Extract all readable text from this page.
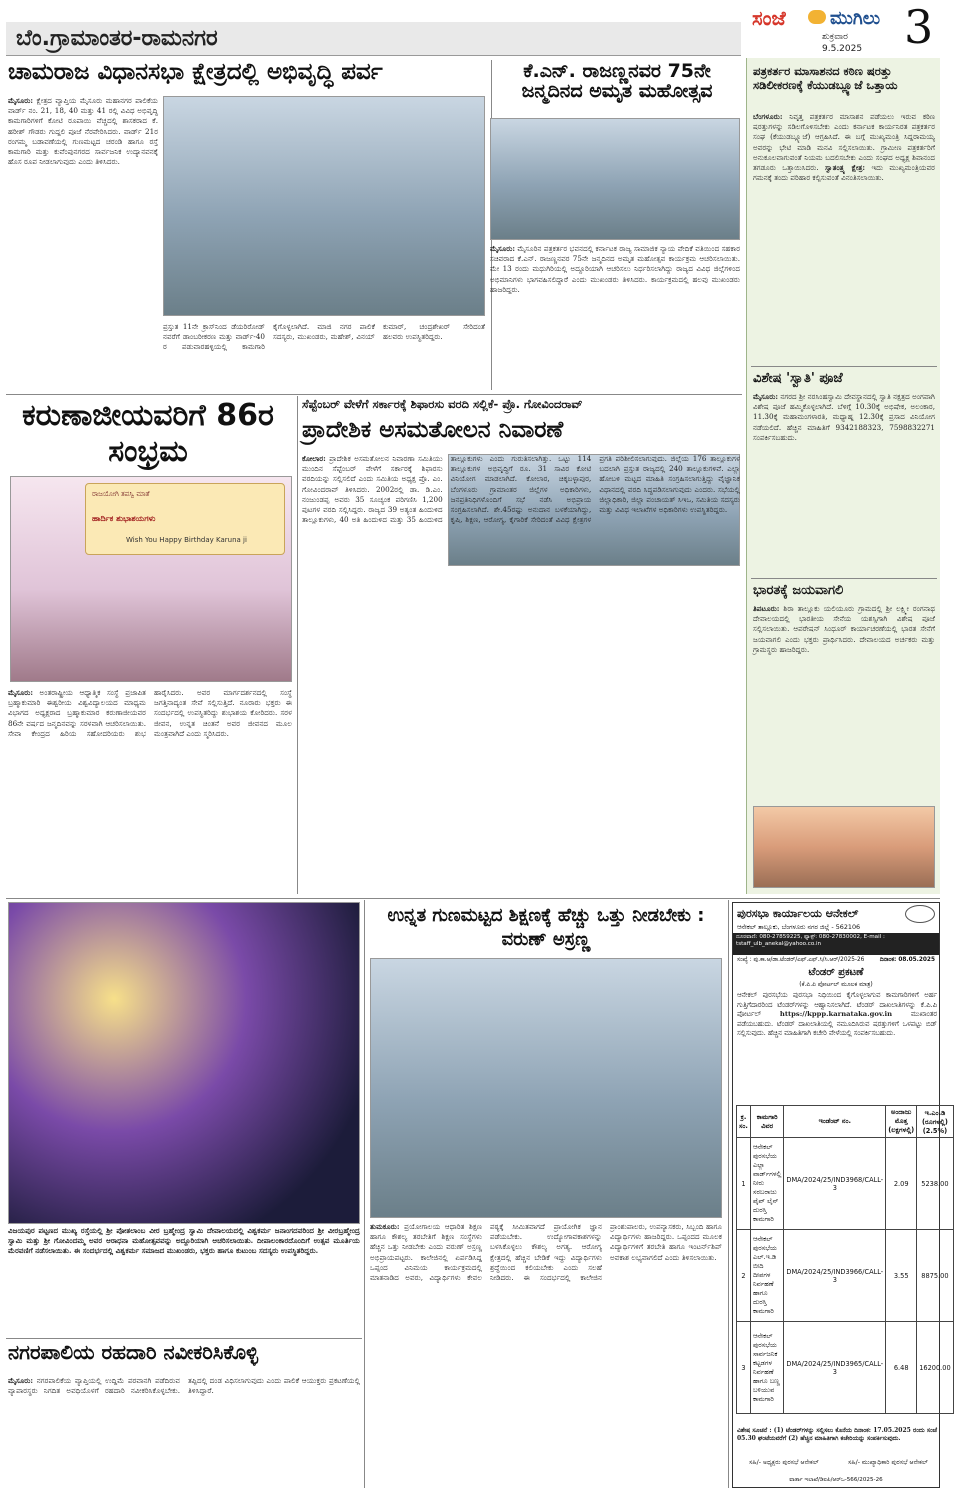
ಬೆಂ.ಗ್ರಾಮಾಂತರ-ರಾಮನಗರ
ಸಂಜೆ ಮುಗಿಲು
ಶುಕ್ರವಾರ
9.5.2025 3
ಚಾಮರಾಜ ವಿಧಾನಸಭಾ ಕ್ಷೇತ್ರದಲ್ಲಿ ಅಭಿವೃದ್ಧಿ ಪರ್ವ
ಮೈಸೂರು: ಕ್ಷೇತ್ರದ ವ್ಯಾಪ್ತಿಯ ಮೈಸೂರು ಮಹಾನಗರ ಪಾಲಿಕೆಯ ವಾರ್ಡ್ ನಂ. 21, 18, 40 ಮತ್ತು 41 ರಲ್ಲಿ ವಿವಿಧ ಅಭಿವೃದ್ಧಿ ಕಾಮಗಾರಿಗಳಿಗೆ ಕೋಟಿ ರೂಪಾಯಿ ವೆಚ್ಚದಲ್ಲಿ ಶಾಸಕರಾದ ಕೆ. ಹರೀಶ್ ಗೌಡರು ಗುದ್ದಲಿ ಪೂಜೆ ನೆರವೇರಿಸಿದರು. ವಾರ್ಡ್ 21ರ ರಂಗಮ್ಮ ಬಡಾವಣೆಯಲ್ಲಿ ಗುಣಮಟ್ಟದ ಚರಂಡಿ ಹಾಗೂ ರಸ್ತೆ ಕಾಮಗಾರಿ ಮತ್ತು ಕುವೆಂಪುನಗರದ ಸಾರ್ವಜನಿಕ ಉದ್ಯಾನವನಕ್ಕೆ ಹೊಸ ರೂಪ ನೀಡಲಾಗುವುದು ಎಂದು ತಿಳಿಸಿದರು.
ಪ್ರಸ್ತುತ 11ನೇ ಕ್ರಾಸ್‌ನಿಂದ ಡೆಯರಿರೋಡ್ ನವರೆಗೆ ಡಾಂಬರೀಕರಣ ಮತ್ತು ವಾರ್ಡ್-40 ರ ಪಡುವಾರಹಳ್ಳಿಯಲ್ಲಿ ಕಾಮಗಾರಿ ಕೈಗೊಳ್ಳಲಾಗಿದೆ. ಮಾಜಿ ನಗರ ಪಾಲಿಕೆ ಸದಸ್ಯರು, ಮುಖಂಡರು, ಮಹೇಶ್, ವಿನಯ್ ಕುಮಾರ್, ಚಂದ್ರಶೇಖರ್ ಸೇರಿದಂತೆ ಹಲವರು ಉಪಸ್ಥಿತರಿದ್ದರು.
ಕೆ.ಎನ್. ರಾಜಣ್ಣನವರ 75ನೇ ಜನ್ಮದಿನದ ಅಮೃತ ಮಹೋತ್ಸವ
ಮೈಸೂರು: ಮೈಸೂರಿನ ಪತ್ರಕರ್ತರ ಭವನದಲ್ಲಿ ಕರ್ನಾಟಕ ರಾಜ್ಯ ಸಾಮಾಜಿಕ ನ್ಯಾಯ ವೇದಿಕೆ ವತಿಯಿಂದ ಸಹಕಾರ ಸಚಿವರಾದ ಕೆ.ಎನ್. ರಾಜಣ್ಣನವರ 75ನೇ ಜನ್ಮದಿನದ ಅಮೃತ ಮಹೋತ್ಸವ ಕಾರ್ಯಕ್ರಮ ಆಚರಿಸಲಾಯಿತು. ಮೇ 13 ರಂದು ಮಧುಗಿರಿಯಲ್ಲಿ ಅದ್ದೂರಿಯಾಗಿ ಆಚರಿಸಲು ನಿರ್ಧರಿಸಲಾಗಿದ್ದು ರಾಜ್ಯದ ವಿವಿಧ ಜಿಲ್ಲೆಗಳಿಂದ ಅಭಿಮಾನಿಗಳು ಭಾಗವಹಿಸಲಿದ್ದಾರೆ ಎಂದು ಮುಖಂಡರು ತಿಳಿಸಿದರು. ಕಾರ್ಯಕ್ರಮದಲ್ಲಿ ಹಲವು ಮುಖಂಡರು ಹಾಜರಿದ್ದರು.
ಪತ್ರಕರ್ತರ ಮಾಸಾಶನದ ಕಠಿಣ ಷರತ್ತು ಸಡಿಲೀಕರಣಕ್ಕೆ ಕೆಯುಡಬ್ಲ್ಯೂಜೆ ಒತ್ತಾಯ
ಬೆಂಗಳೂರು: ನಿವೃತ್ತ ಪತ್ರಕರ್ತರ ಮಾಸಾಶನ ಪಡೆಯಲು ಇರುವ ಕಠಿಣ ಷರತ್ತುಗಳನ್ನು ಸಡಿಲಗೊಳಿಸಬೇಕು ಎಂದು ಕರ್ನಾಟಕ ಕಾರ್ಯನಿರತ ಪತ್ರಕರ್ತರ ಸಂಘ (ಕೆಯುಡಬ್ಲ್ಯೂಜೆ) ಆಗ್ರಹಿಸಿದೆ. ಈ ಬಗ್ಗೆ ಮುಖ್ಯಮಂತ್ರಿ ಸಿದ್ದರಾಮಯ್ಯ ಅವರನ್ನು ಭೇಟಿ ಮಾಡಿ ಮನವಿ ಸಲ್ಲಿಸಲಾಯಿತು. ಗ್ರಾಮೀಣ ಪತ್ರಕರ್ತರಿಗೆ ಅನುಕೂಲವಾಗುವಂತೆ ನಿಯಮ ಬದಲಿಸಬೇಕು ಎಂದು ಸಂಘದ ಅಧ್ಯಕ್ಷ ಶಿವಾನಂದ ತಗಡೂರು ಒತ್ತಾಯಿಸಿದರು. ಸ್ವಾತಂತ್ರ್ಯ ಕ್ಷೇತ್ರ: ಇದು ಮುಖ್ಯಮಂತ್ರಿಯವರ ಗಮನಕ್ಕೆ ತಂದು ಪರಿಹಾರ ಕಲ್ಪಿಸುವಂತೆ ವಿನಂತಿಸಲಾಯಿತು.
ವಿಶೇಷ 'ಸ್ವಾತಿ' ಪೂಜೆ
ಮೈಸೂರು: ನಗರದ ಶ್ರೀ ನರಸಿಂಹಸ್ವಾಮಿ ದೇವಸ್ಥಾನದಲ್ಲಿ ಸ್ವಾತಿ ನಕ್ಷತ್ರದ ಅಂಗವಾಗಿ ವಿಶೇಷ ಪೂಜೆ ಹಮ್ಮಿಕೊಳ್ಳಲಾಗಿದೆ. ಬೆಳಿಗ್ಗೆ 10.30ಕ್ಕೆ ಅಭಿಷೇಕ, ಅಲಂಕಾರ, 11.30ಕ್ಕೆ ಮಹಾಮಂಗಳಾರತಿ, ಮಧ್ಯಾಹ್ನ 12.30ಕ್ಕೆ ಪ್ರಸಾದ ವಿನಿಯೋಗ ನಡೆಯಲಿದೆ. ಹೆಚ್ಚಿನ ಮಾಹಿತಿಗೆ 9342188323, 7598832271 ಸಂಪರ್ಕಿಸಬಹುದು.
ಭಾರತಕ್ಕೆ ಜಯವಾಗಲಿ
ತಿಪಟೂರು: ಶಿರಾ ತಾಲ್ಲೂಕು ಯಲಿಯೂರು ಗ್ರಾಮದಲ್ಲಿ ಶ್ರೀ ಲಕ್ಷ್ಮೀ ರಂಗನಾಥ ದೇವಾಲಯದಲ್ಲಿ ಭಾರತೀಯ ಸೇನೆಯ ಯಶಸ್ಸಿಗಾಗಿ ವಿಶೇಷ ಪೂಜೆ ಸಲ್ಲಿಸಲಾಯಿತು. ಆಪರೇಷನ್ ಸಿಂಧೂರ್ ಕಾರ್ಯಾಚರಣೆಯಲ್ಲಿ ಭಾರತ ಸೇನೆಗೆ ಜಯವಾಗಲಿ ಎಂದು ಭಕ್ತರು ಪ್ರಾರ್ಥಿಸಿದರು. ದೇವಾಲಯದ ಅರ್ಚಕರು ಮತ್ತು ಗ್ರಾಮಸ್ಥರು ಹಾಜರಿದ್ದರು.
ಕರುಣಾಜೀಯವರಿಗೆ 86ರ ಸಂಭ್ರಮ
ರಾಜಯೋಗಿ ತಪಸ್ವಿ ಮಾತೆ
ಹಾರ್ದಿಕ ಶುಭಾಶಯಗಳು
Wish You Happy Birthday Karuna ji
ಮೈಸೂರು: ಅಂತರಾಷ್ಟ್ರೀಯ ಆಧ್ಯಾತ್ಮಿಕ ಸಂಸ್ಥೆ ಪ್ರಜಾಪಿತ ಬ್ರಹ್ಮಾಕುಮಾರಿ ಈಶ್ವರೀಯ ವಿಶ್ವವಿದ್ಯಾಲಯದ ಮಾಧ್ಯಮ ವಿಭಾಗದ ಅಧ್ಯಕ್ಷರಾದ ಬ್ರಹ್ಮಾಕುಮಾರ ಕರುಣಾಜೀಯವರ 86ನೇ ವರ್ಷದ ಜನ್ಮದಿನವನ್ನು ಸರಳವಾಗಿ ಆಚರಿಸಲಾಯಿತು. ಸೇವಾ ಕೇಂದ್ರದ ಹಿರಿಯ ಸಹೋದರಿಯರು ಶುಭ ಹಾರೈಸಿದರು. ಅವರ ಮಾರ್ಗದರ್ಶನದಲ್ಲಿ ಸಂಸ್ಥೆ ಜಗತ್ತಿನಾದ್ಯಂತ ಸೇವೆ ಸಲ್ಲಿಸುತ್ತಿದೆ. ನೂರಾರು ಭಕ್ತರು ಈ ಸಂದರ್ಭದಲ್ಲಿ ಉಪಸ್ಥಿತರಿದ್ದು ಶುಭಾಶಯ ಕೋರಿದರು. ಸರಳ ಜೀವನ, ಉನ್ನತ ಚಿಂತನೆ ಅವರ ಜೀವನದ ಮೂಲ ಮಂತ್ರವಾಗಿದೆ ಎಂದು ಸ್ಮರಿಸಿದರು.
ಸೆಪ್ಟೆಂಬರ್ ವೇಳೆಗೆ ಸರ್ಕಾರಕ್ಕೆ ಶಿಫಾರಸು ವರದಿ ಸಲ್ಲಿಕೆ- ಪ್ರೊ. ಗೋವಿಂದರಾವ್
ಪ್ರಾದೇಶಿಕ ಅಸಮತೋಲನ ನಿವಾರಣೆ
ಕೋಲಾರ: ಪ್ರಾದೇಶಿಕ ಅಸಮತೋಲನ ನಿವಾರಣಾ ಸಮಿತಿಯು ಮುಂದಿನ ಸೆಪ್ಟೆಂಬರ್ ವೇಳೆಗೆ ಸರ್ಕಾರಕ್ಕೆ ಶಿಫಾರಸು ವರದಿಯನ್ನು ಸಲ್ಲಿಸಲಿದೆ ಎಂದು ಸಮಿತಿಯ ಅಧ್ಯಕ್ಷ ಪ್ರೊ. ಎಂ. ಗೋವಿಂದರಾವ್ ತಿಳಿಸಿದರು. 2002ರಲ್ಲಿ ಡಾ. ಡಿ.ಎಂ. ನಂಜುಂಡಪ್ಪ ಅವರು 35 ಸೂಚ್ಯಂಕ ಪರಿಗಣಿಸಿ 1,200 ಪುಟಗಳ ವರದಿ ಸಲ್ಲಿಸಿದ್ದರು. ರಾಜ್ಯದ 39 ಅತ್ಯಂತ ಹಿಂದುಳಿದ ತಾಲ್ಲೂಕುಗಳು, 40 ಅತಿ ಹಿಂದುಳಿದ ಮತ್ತು 35 ಹಿಂದುಳಿದ ತಾಲ್ಲೂಕುಗಳು ಎಂದು ಗುರುತಿಸಲಾಗಿತ್ತು. ಒಟ್ಟು 114 ತಾಲ್ಲೂಕುಗಳ ಅಭಿವೃದ್ಧಿಗೆ ರೂ. 31 ಸಾವಿರ ಕೋಟಿ ವಿನಿಯೋಗ ಮಾಡಲಾಗಿದೆ. ಕೋಲಾರ, ಚಿಕ್ಕಬಳ್ಳಾಪುರ, ಬೆಂಗಳೂರು ಗ್ರಾಮಾಂತರ ಜಿಲ್ಲೆಗಳ ಅಧಿಕಾರಿಗಳು, ಜನಪ್ರತಿನಿಧಿಗಳೊಂದಿಗೆ ಸಭೆ ನಡೆಸಿ ಅಭಿಪ್ರಾಯ ಸಂಗ್ರಹಿಸಲಾಗಿದೆ. ಶೇ.45ರಷ್ಟು ಅನುದಾನ ಬಳಕೆಯಾಗಿದ್ದು, ಕೃಷಿ, ಶಿಕ್ಷಣ, ಆರೋಗ್ಯ, ಕೈಗಾರಿಕೆ ಸೇರಿದಂತೆ ವಿವಿಧ ಕ್ಷೇತ್ರಗಳ ಪ್ರಗತಿ ಪರಿಶೀಲಿಸಲಾಗುವುದು. ಜಿಲ್ಲೆಯ 176 ತಾಲ್ಲೂಕುಗಳ ಬದಲಾಗಿ ಪ್ರಸ್ತುತ ರಾಜ್ಯದಲ್ಲಿ 240 ತಾಲ್ಲೂಕುಗಳಿವೆ. ಎಲ್ಲಾ ಹೋಬಳಿ ಮಟ್ಟದ ಮಾಹಿತಿ ಸಂಗ್ರಹಿಸಲಾಗುತ್ತಿದ್ದು ವೈಜ್ಞಾನಿಕ ವಿಧಾನದಲ್ಲಿ ವರದಿ ಸಿದ್ಧಪಡಿಸಲಾಗುವುದು ಎಂದರು. ಸಭೆಯಲ್ಲಿ ಜಿಲ್ಲಾಧಿಕಾರಿ, ಜಿಲ್ಲಾ ಪಂಚಾಯತ್ ಸಿಇಒ, ಸಮಿತಿಯ ಸದಸ್ಯರು ಮತ್ತು ವಿವಿಧ ಇಲಾಖೆಗಳ ಅಧಿಕಾರಿಗಳು ಉಪಸ್ಥಿತರಿದ್ದರು.
ವಿಜಯಪುರ ಪಟ್ಟಣದ ಮುಖ್ಯ ರಸ್ತೆಯಲ್ಲಿ ಶ್ರೀ ಪೋತಲಾಂಬ ವೀರ ಬ್ರಹ್ಮೇಂದ್ರ ಸ್ವಾಮಿ ದೇವಾಲಯದಲ್ಲಿ ವಿಶ್ವಕರ್ಮ ಜನಾಂಗದವರಿಂದ ಶ್ರೀ ವೀರಬ್ರಹ್ಮೇಂದ್ರ ಸ್ವಾಮಿ ಮತ್ತು ಶ್ರೀ ಗೋವಿಂದಮ್ಮ ಅವರ ಆರಾಧನಾ ಮಹೋತ್ಸವವನ್ನು ಅದ್ದೂರಿಯಾಗಿ ಆಚರಿಸಲಾಯಿತು. ದೀಪಾಲಂಕಾರದೊಂದಿಗೆ ಉತ್ಸವ ಮೂರ್ತಿಯ ಮೆರವಣಿಗೆ ನಡೆಸಲಾಯಿತು. ಈ ಸಂದರ್ಭದಲ್ಲಿ ವಿಶ್ವಕರ್ಮ ಸಮಾಜದ ಮುಖಂಡರು, ಭಕ್ತರು ಹಾಗೂ ಕುಟುಂಬ ಸದಸ್ಯರು ಉಪಸ್ಥಿತರಿದ್ದರು.
ನಗರಪಾಲಿಯ ರಹದಾರಿ ನವೀಕರಿಸಿಕೊಳ್ಳಿ
ಮೈಸೂರು: ನಗರಪಾಲಿಕೆಯ ವ್ಯಾಪ್ತಿಯಲ್ಲಿ ಉದ್ದಿಮೆ ಪರವಾನಗಿ ಪಡೆದಿರುವ ವ್ಯಾಪಾರಸ್ಥರು ನಿಗದಿತ ಅವಧಿಯೊಳಗೆ ರಹದಾರಿ ನವೀಕರಿಸಿಕೊಳ್ಳಬೇಕು. ತಪ್ಪಿದಲ್ಲಿ ದಂಡ ವಿಧಿಸಲಾಗುವುದು ಎಂದು ಪಾಲಿಕೆ ಆಯುಕ್ತರು ಪ್ರಕಟಣೆಯಲ್ಲಿ ತಿಳಿಸಿದ್ದಾರೆ.
ಉನ್ನತ ಗುಣಮಟ್ಟದ ಶಿಕ್ಷಣಕ್ಕೆ ಹೆಚ್ಚು ಒತ್ತು ನೀಡಬೇಕು : ವರುಣ್ ಅಸ್ರಣ್ಣ
ತುಮಕೂರು: ಪ್ರಯೋಗಾಲಯ ಆಧಾರಿತ ಶಿಕ್ಷಣ ಹಾಗೂ ಕೌಶಲ್ಯ ತರಬೇತಿಗೆ ಶಿಕ್ಷಣ ಸಂಸ್ಥೆಗಳು ಹೆಚ್ಚಿನ ಒತ್ತು ನೀಡಬೇಕು ಎಂದು ವರುಣ್ ಅಸ್ರಣ್ಣ ಅಭಿಪ್ರಾಯಪಟ್ಟರು. ಕಾಲೇಜಿನಲ್ಲಿ ಏರ್ಪಡಿಸಿದ್ದ ಒಪ್ಪಂದ ವಿನಿಮಯ ಕಾರ್ಯಕ್ರಮದಲ್ಲಿ ಮಾತನಾಡಿದ ಅವರು, ವಿದ್ಯಾರ್ಥಿಗಳು ಕೇವಲ ಪಠ್ಯಕ್ಕೆ ಸೀಮಿತವಾಗದೆ ಪ್ರಾಯೋಗಿಕ ಜ್ಞಾನ ಪಡೆಯಬೇಕು. ಉದ್ಯೋಗಾವಕಾಶಗಳನ್ನು ಬಳಸಿಕೊಳ್ಳಲು ಕೌಶಲ್ಯ ಅಗತ್ಯ. ಆರೋಗ್ಯ ಕ್ಷೇತ್ರದಲ್ಲಿ ಹೆಚ್ಚಿನ ಬೇಡಿಕೆ ಇದ್ದು ವಿದ್ಯಾರ್ಥಿಗಳು ಶ್ರದ್ಧೆಯಿಂದ ಕಲಿಯಬೇಕು ಎಂದು ಸಲಹೆ ನೀಡಿದರು. ಈ ಸಂದರ್ಭದಲ್ಲಿ ಕಾಲೇಜಿನ ಪ್ರಾಂಶುಪಾಲರು, ಉಪನ್ಯಾಸಕರು, ಸಿಬ್ಬಂದಿ ಹಾಗೂ ವಿದ್ಯಾರ್ಥಿಗಳು ಹಾಜರಿದ್ದರು. ಒಪ್ಪಂದದ ಮೂಲಕ ವಿದ್ಯಾರ್ಥಿಗಳಿಗೆ ತರಬೇತಿ ಹಾಗೂ ಇಂಟರ್ನ್‌ಶಿಪ್ ಅವಕಾಶ ಲಭ್ಯವಾಗಲಿದೆ ಎಂದು ತಿಳಿಸಲಾಯಿತು.
ಪುರಸಭಾ ಕಾರ್ಯಾಲಯ ಆನೇಕಲ್
ಆನೇಕಲ್ ತಾಲ್ಲೂಕು, ಬೆಂಗಳೂರು ನಗರ ಜಿಲ್ಲೆ - 562106
ದೂರವಾಣಿ: 080-27859225, ಫ್ಯಾಕ್ಸ್: 080-27830002, E-mail : tstaff_ulb_anekal@yahoo.co.in
ಸಂಖ್ಯೆ : ಪು.ಕಾ.ಆ/ಡಾ.ಟೆಂಡರ್/ಎಫ್.ಎಫ್.ಸಿ/ಸಿ.ಆರ್/2025-26	ದಿನಾಂಕ: 08.05.2025
ಟೆಂಡರ್ ಪ್ರಕಟಣೆ
(ಕೆ.ಪಿ.ಪಿ ಪೋರ್ಟಲ್ ಮೂಲಕ ಮಾತ್ರ)
ಆನೇಕಲ್ ಪುರಸಭೆಯ ಪುರಸಭಾ ನಿಧಿಯಿಂದ ಕೈಗೊಳ್ಳಲಾಗುವ ಕಾಮಗಾರಿಗಳಿಗೆ ಅರ್ಹ ಗುತ್ತಿಗೆದಾರರಿಂದ ಟೆಂಡರ್‌ಗಳನ್ನು ಆಹ್ವಾನಿಸಲಾಗಿದೆ. ಟೆಂಡರ್ ದಾಖಲಾತಿಗಳನ್ನು ಕೆ.ಪಿ.ಪಿ ಪೋರ್ಟಲ್	https://kppp.karnataka.gov.in	ಮುಖಾಂತರ ಪಡೆಯಬಹುದು. ಟೆಂಡರ್ ದಾಖಲಾತಿಯಲ್ಲಿ ನಮೂದಿಸಿರುವ ಷರತ್ತುಗಳಿಗೆ ಒಳಪಟ್ಟು ಬಿಡ್ ಸಲ್ಲಿಸುವುದು. ಹೆಚ್ಚಿನ ಮಾಹಿತಿಗಾಗಿ ಕಚೇರಿ ವೇಳೆಯಲ್ಲಿ ಸಂಪರ್ಕಿಸಬಹುದು.
ಕ್ರ. ಸಂ.	ಕಾಮಗಾರಿ ವಿವರ	ಇಂಡೆಂಟ್ ನಂ.	ಅಂದಾಜು ಮೊತ್ತ (ಲಕ್ಷಗಳಲ್ಲಿ)	ಇ.ಎಂ.ಡಿ (ರೂಗಳಲ್ಲಿ) (2.5%)
1	ಆನೇಕಲ್ ಪುರಸಭೆಯ ಎಲ್ಲಾ ವಾರ್ಡ್‌ಗಳಲ್ಲಿ ನೀರು ಸರಬರಾಜು ಪೈಪ್ ಲೈನ್ ದುರಸ್ತಿ ಕಾಮಗಾರಿ	DMA/2024/25/IND3968/CALL-3	2.09	5238.00
2	ಆನೇಕಲ್ ಪುರಸಭೆಯ ಎಲ್.ಇ.ಡಿ ಬೀದಿ ದೀಪಗಳ ನಿರ್ವಹಣೆ ಹಾಗೂ ದುರಸ್ತಿ ಕಾಮಗಾರಿ	DMA/2024/25/IND3966/CALL-3	3.55	8875.00
3	ಆನೇಕಲ್ ಪುರಸಭೆಯ ಸಾರ್ವಜನಿಕ ಕಟ್ಟಡಗಳ ನಿರ್ವಹಣೆ ಹಾಗೂ ಬಣ್ಣ ಬಳಿಯುವ ಕಾಮಗಾರಿ	DMA/2024/25/IND3965/CALL-3	6.48	16200.00
ವಿಶೇಷ ಸೂಚನೆ : (1) ಟೆಂಡರ್‌ಗಳನ್ನು ಸಲ್ಲಿಸಲು ಕೊನೆಯ ದಿನಾಂಕ: 17.05.2025 ರಂದು ಸಂಜೆ 05.30 ಘಂಟೆಯವರೆಗೆ (2) ಹೆಚ್ಚಿನ ಮಾಹಿತಿಗಾಗಿ ಕಚೇರಿಯನ್ನು ಸಂಪರ್ಕಿಸುವುದು.
ಸಹಿ/- ಅಧ್ಯಕ್ಷರು ಪುರಸಭೆ ಆನೇಕಲ್	ಸಹಿ/- ಮುಖ್ಯಾಧಿಕಾರಿ ಪುರಸಭೆ ಆನೇಕಲ್
ವಾರ್ತಾ ಇಲಾಖೆ/ಡಿಐಪಿ/ಆರ್‌ಒ-566/2025-26
